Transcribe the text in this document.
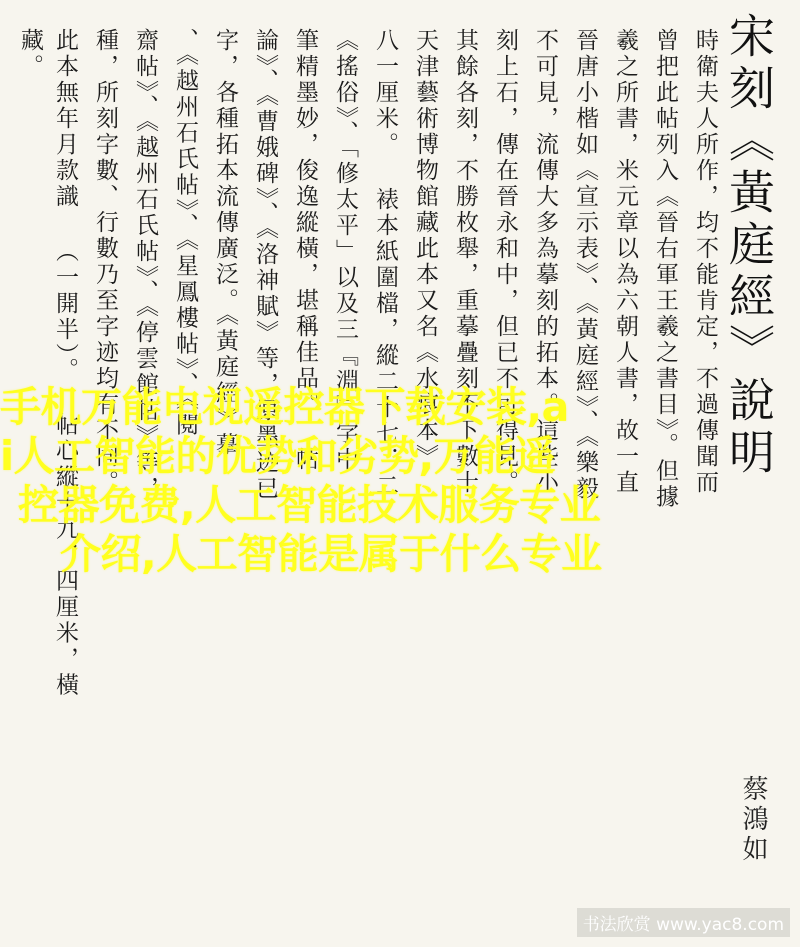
宋刻《黃庭經》說明
時衛夫人所作，均不能肯定，不過傳聞而
曾把此帖列入《晉右軍王羲之書目》。但據
羲之所書，米元章以為六朝人書，故一直
晉唐小楷如《宣示表》、《黃庭經》、《樂毅
不可見，流傳大多為摹刻的拓本。這些小
刻上石，傳在晉永和中，但已不可得見。
其餘各刻，不勝枚舉，重摹疊刻不下數十
天津藝術博物館藏此本又名《水痕本》
八一厘米。 裱本紙圍檔，縱二十七．二
《搖俗》、「修太平」以及三『淵』字中
筆精墨妙，俊逸縱橫，堪稱佳品。 帖
論》、《曹娥碑》、《洛神賦》等，原墨迹已
字，各種拓本流傳廣泛。《黃庭經》摹
、《越州石氏帖》、《星鳳樓帖》、《閱
齋帖》、《越州石氏帖》、《停雲館帖》等，
種，所刻字數、行數乃至字迹均有不同。
此本無年月款識 （一開半）。 帖心縱十九．四厘米，橫
藏。
蔡鴻如
手机万能电视遥控器下载安装,a
i人工智能的优势和劣势,万能遥
控器免费,人工智能技术服务专业
介绍,人工智能是属于什么专业
书法欣赏 www.yac8.com
